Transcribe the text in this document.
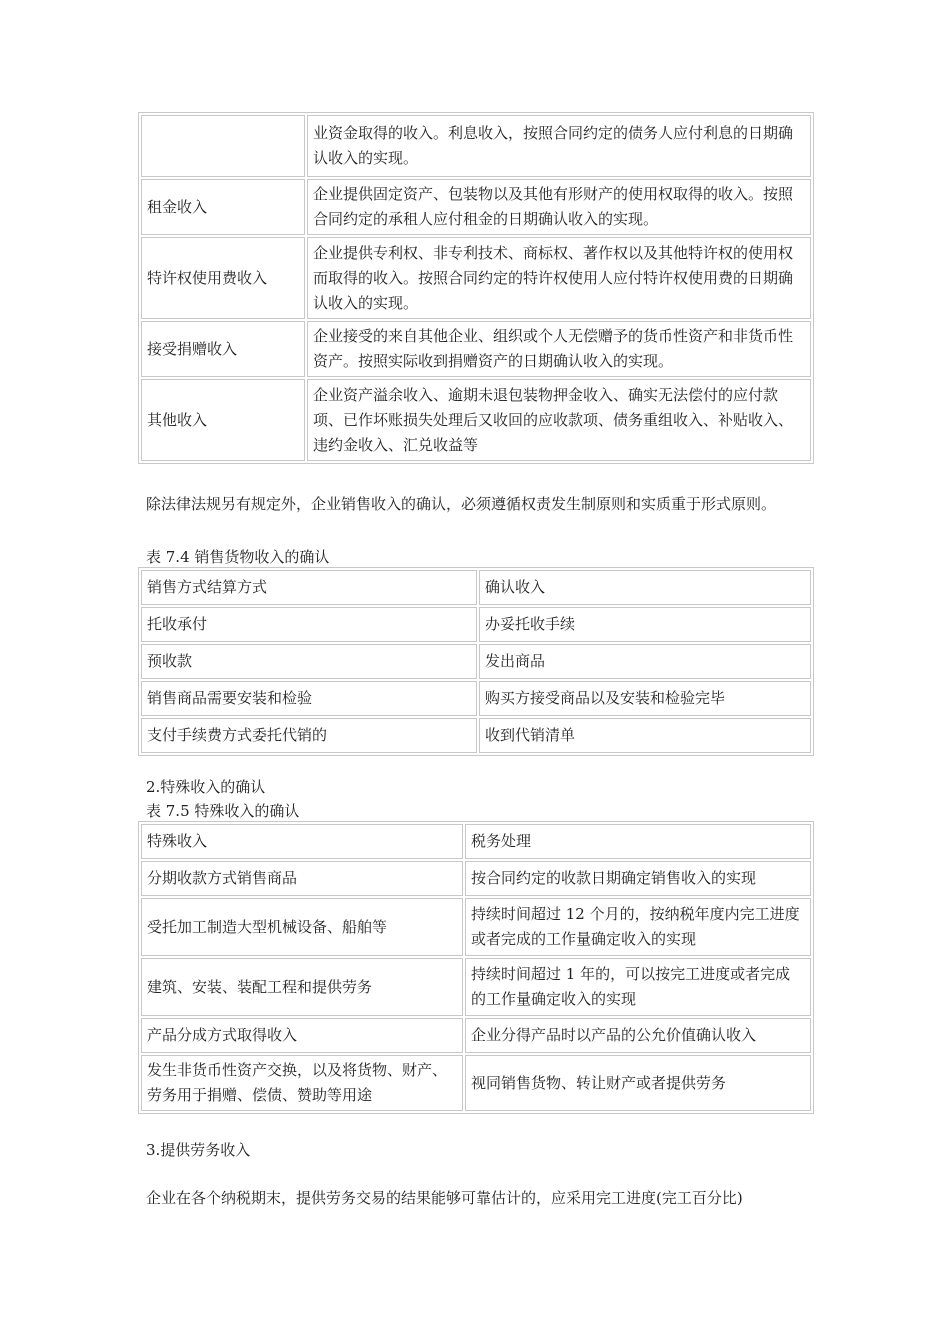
	业资金取得的收入。利息收入，按照合同约定的债务人应付利息的日期确认收入的实现。
租金收入	企业提供固定资产、包装物以及其他有形财产的使用权取得的收入。按照合同约定的承租人应付租金的日期确认收入的实现。
特许权使用费收入	企业提供专利权、非专利技术、商标权、著作权以及其他特许权的使用权而取得的收入。按照合同约定的特许权使用人应付特许权使用费的日期确认收入的实现。
接受捐赠收入	企业接受的来自其他企业、组织或个人无偿赠予的货币性资产和非货币性资产。按照实际收到捐赠资产的日期确认收入的实现。
其他收入	企业资产溢余收入、逾期未退包装物押金收入、确实无法偿付的应付款项、已作坏账损失处理后又收回的应收款项、债务重组收入、补贴收入、违约金收入、汇兑收益等

除法律法规另有规定外，企业销售收入的确认，必须遵循权责发生制原则和实质重于形式原则。

表 7.4 销售货物收入的确认

销售方式结算方式	确认收入
托收承付	办妥托收手续
预收款	发出商品
销售商品需要安装和检验	购买方接受商品以及安装和检验完毕
支付手续费方式委托代销的	收到代销清单

2.特殊收入的确认

表 7.5 特殊收入的确认

特殊收入	税务处理
分期收款方式销售商品	按合同约定的收款日期确定销售收入的实现
受托加工制造大型机械设备、船舶等	持续时间超过 12 个月的，按纳税年度内完工进度或者完成的工作量确定收入的实现
建筑、安装、装配工程和提供劳务	持续时间超过 1 年的，可以按完工进度或者完成的工作量确定收入的实现
产品分成方式取得收入	企业分得产品时以产品的公允价值确认收入
发生非货币性资产交换，以及将货物、财产、劳务用于捐赠、偿债、赞助等用途	视同销售货物、转让财产或者提供劳务

3.提供劳务收入

企业在各个纳税期末，提供劳务交易的结果能够可靠估计的，应采用完工进度(完工百分比)
